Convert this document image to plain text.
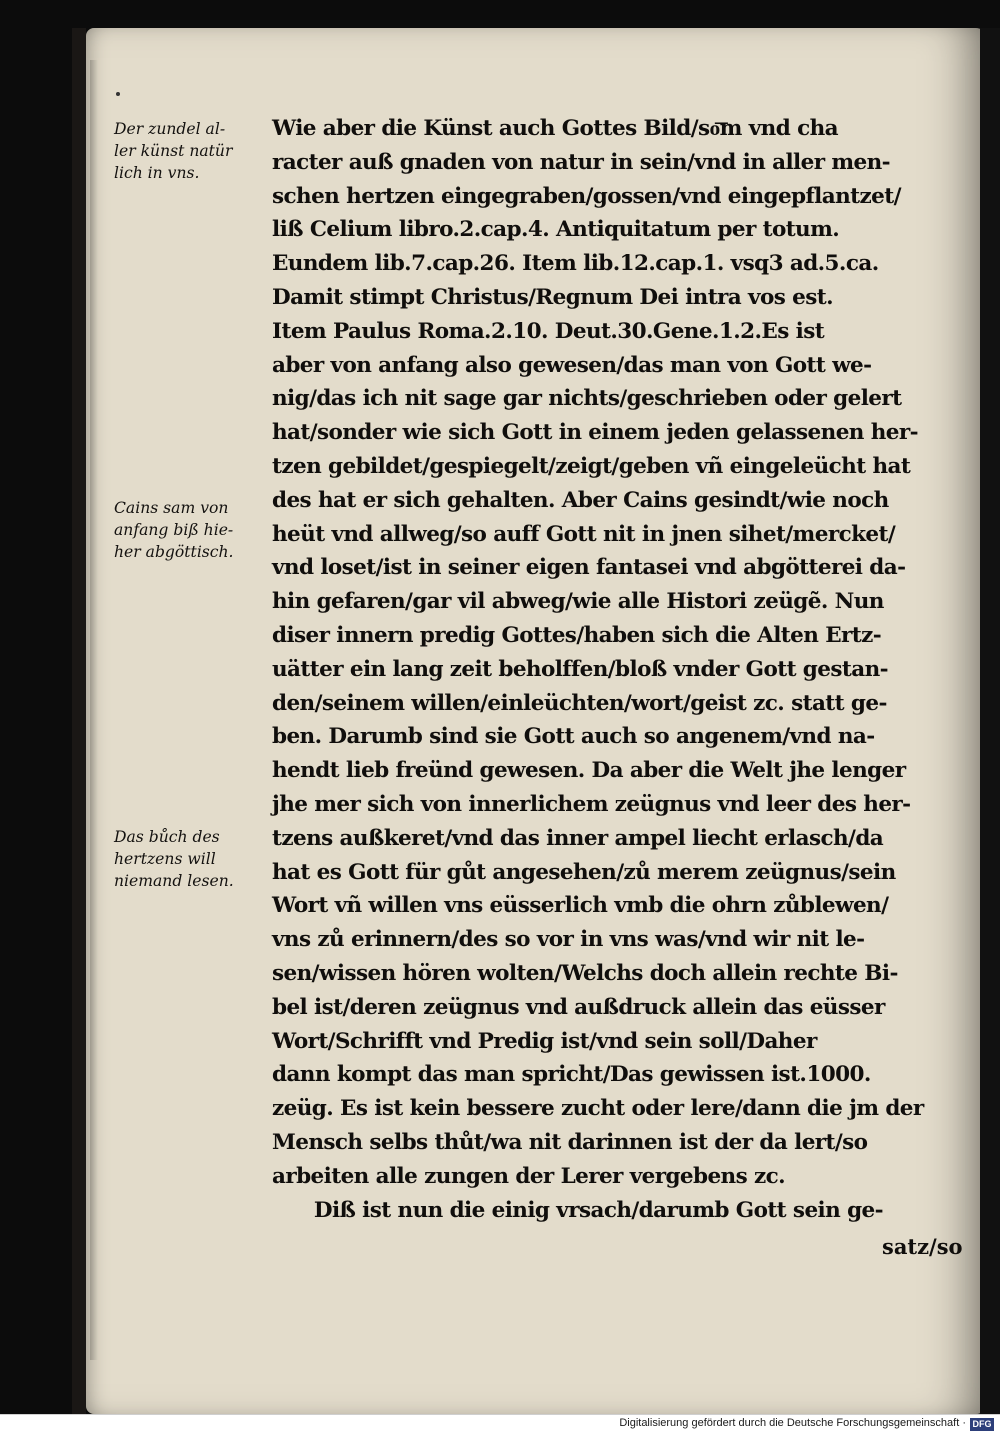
Der zundel al-
ler künst natür
lich in vns.
Cains sam von
anfang biß hie-
her abgöttisch.
Das bůch des
hertzens will
niemand lesen.
Wie aber die Künst auch Gottes Bild/so͞m vnd cha
racter auß gnaden von natur in sein/vnd in aller men-
schen hertzen eingegraben/gossen/vnd eingepflantzet/
liß Celium libro.2.cap.4. Antiquitatum per totum.
Eundem lib.7.cap.26. Item lib.12.cap.1. vsq3 ad.5.ca.
Damit stimpt Christus/Regnum Dei intra vos est.
Item Paulus Roma.2.10. Deut.30.Gene.1.2.Es ist
aber von anfang also gewesen/das man von Gott we-
nig/das ich nit sage gar nichts/geschrieben oder gelert
hat/sonder wie sich Gott in einem jeden gelassenen her-
tzen gebildet/gespiegelt/zeigt/geben vñ eingeleücht hat
des hat er sich gehalten. Aber Cains gesindt/wie noch
heüt vnd allweg/so auff Gott nit in jnen sihet/mercket/
vnd loset/ist in seiner eigen fantasei vnd abgötterei da-
hin gefaren/gar vil abweg/wie alle Histori zeügẽ. Nun
diser innern predig Gottes/haben sich die Alten Ertz-
uätter ein lang zeit beholffen/bloß vnder Gott gestan-
den/seinem willen/einleüchten/wort/geist zc. statt ge-
ben. Darumb sind sie Gott auch so angenem/vnd na-
hendt lieb freünd gewesen. Da aber die Welt jhe lenger
jhe mer sich von innerlichem zeügnus vnd leer des her-
tzens außkeret/vnd das inner ampel liecht erlasch/da
hat es Gott für gůt angesehen/zů merem zeügnus/sein
Wort vñ willen vns eüsserlich vmb die ohrn zůblewen/
vns zů erinnern/des so vor in vns was/vnd wir nit le-
sen/wissen hören wolten/Welchs doch allein rechte Bi-
bel ist/deren zeügnus vnd außdruck allein das eüsser
Wort/Schrifft vnd Predig ist/vnd sein soll/Daher
dann kompt das man spricht/Das gewissen ist.1000.
zeüg. Es ist kein bessere zucht oder lere/dann die jm der
Mensch selbs thůt/wa nit darinnen ist der da lert/so
arbeiten alle zungen der Lerer vergebens zc.
Diß ist nun die einig vrsach/darumb Gott sein ge-
satz/so
Digitalisierung gefördert durch die Deutsche Forschungsgemeinschaft · DFG
